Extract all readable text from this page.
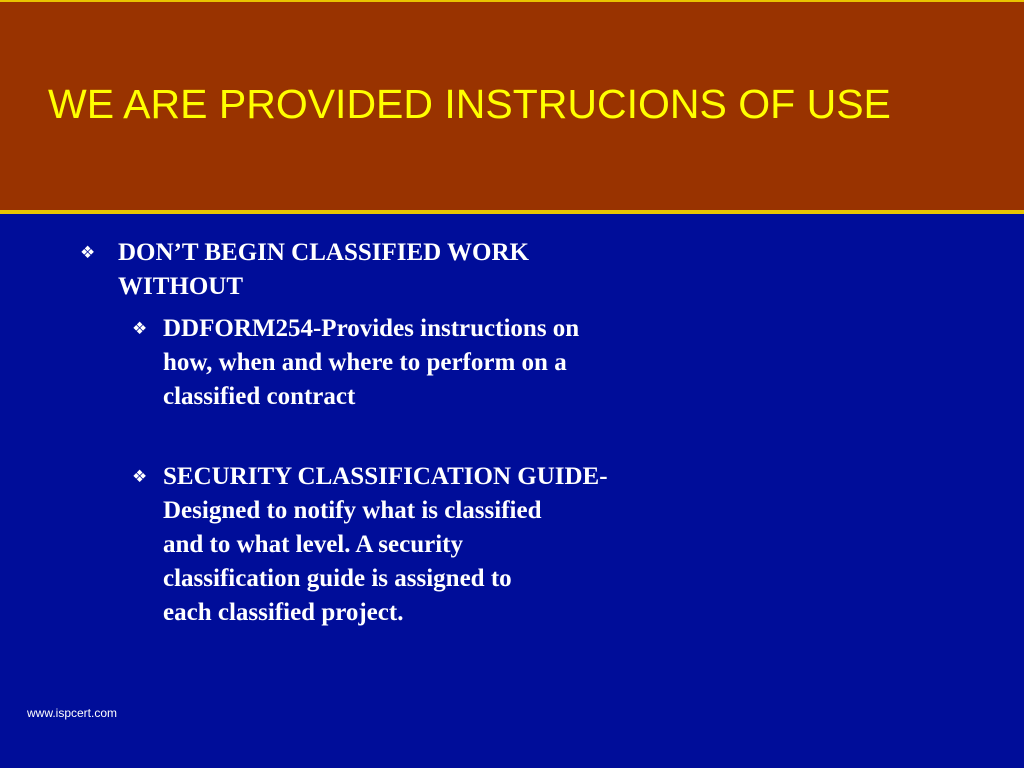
WE ARE PROVIDED INSTRUCIONS OF USE
❖ DON’T BEGIN CLASSIFIED WORK
WITHOUT
❖ DDFORM254-Provides instructions on
how, when and where to perform on a
classified contract
❖ SECURITY CLASSIFICATION GUIDE-
Designed to notify what is classified
and to what level. A security
classification guide is assigned to
each classified project.
www.ispcert.com
